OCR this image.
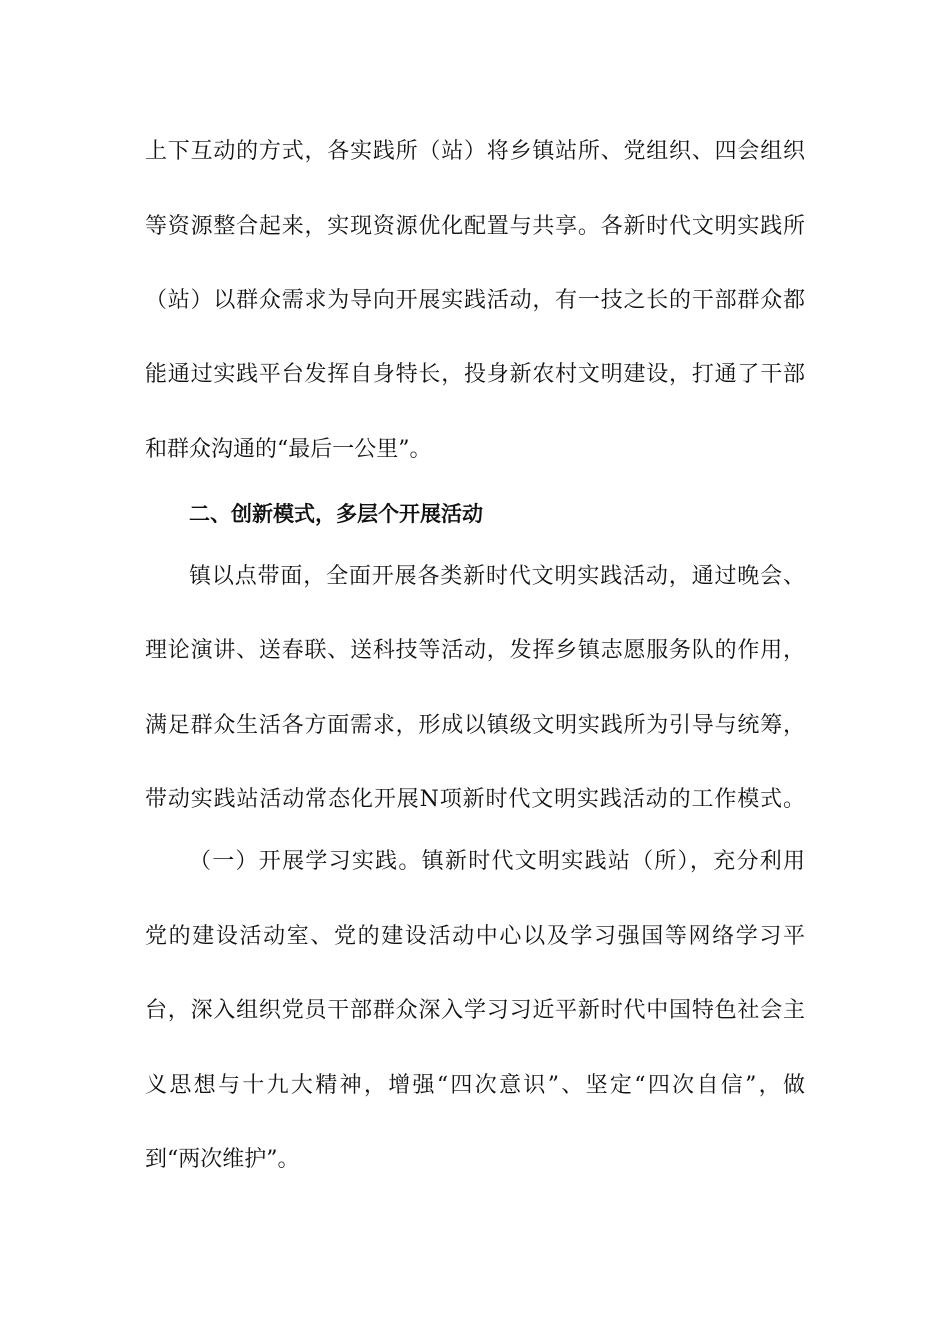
上下互动的方式，各实践所（站）将乡镇站所、党组织、四会组织
等资源整合起来，实现资源优化配置与共享。各新时代文明实践所
（站）以群众需求为导向开展实践活动，有一技之长的干部群众都
能通过实践平台发挥自身特长，投身新农村文明建设，打通了干部
和群众沟通的“最后一公里”。
二、创新模式，多层个开展活动
镇以点带面，全面开展各类新时代文明实践活动，通过晚会、
理论演讲、送春联、送科技等活动，发挥乡镇志愿服务队的作用，
满足群众生活各方面需求，形成以镇级文明实践所为引导与统筹，
带动实践站活动常态化开展N项新时代文明实践活动的工作模式。
（一）开展学习实践。镇新时代文明实践站（所），充分利用
党的建设活动室、党的建设活动中心以及学习强国等网络学习平
台，深入组织党员干部群众深入学习习近平新时代中国特色社会主
义思想与十九大精神，增强“四次意识”、坚定“四次自信”，做
到“两次维护”。
